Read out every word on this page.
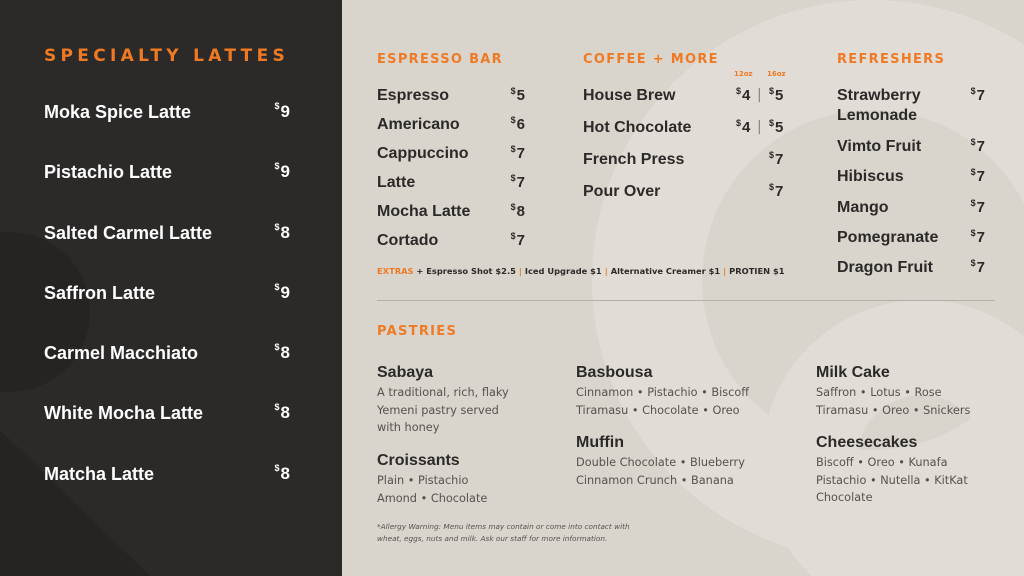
SPECIALTY LATTES
Moka Spice Latte	$9
Pistachio Latte	$9
Salted Carmel Latte	$8
Saffron Latte	$9
Carmel Macchiato	$8
White Mocha Latte	$8
Matcha Latte	$8
ESPRESSO BAR
Espresso	$5
Americano	$6
Cappuccino	$7
Latte	$7
Mocha Latte	$8
Cortado	$7
COFFEE + MORE
12oz 16oz
House Brew	$4 | $5
Hot Chocolate	$4 | $5
French Press	$7
Pour Over	$7
REFRESHERS
Strawberry
Lemonade
$7
Vimto Fruit	$7
Hibiscus	$7
Mango	$7
Pomegranate	$7
Dragon Fruit	$7
EXTRAS + Espresso Shot $2.5 | Iced Upgrade $1 | Alternative Creamer $1 | PROTIEN $1
PASTRIES
Sabaya
A traditional, rich, flaky
Yemeni pastry served
with honey
Croissants
Plain • Pistachio
Amond • Chocolate
Basbousa
Cinnamon • Pistachio • Biscoff
Tiramasu • Chocolate • Oreo
Muffin
Double Chocolate • Blueberry
Cinnamon Crunch • Banana
Milk Cake
Saffron • Lotus • Rose
Tiramasu • Oreo • Snickers
Cheesecakes
Biscoff • Oreo • Kunafa
Pistachio • Nutella • KitKat
Chocolate
*Allergy Warning: Menu items may contain or come into contact with
wheat, eggs, nuts and milk. Ask our staff for more information.
